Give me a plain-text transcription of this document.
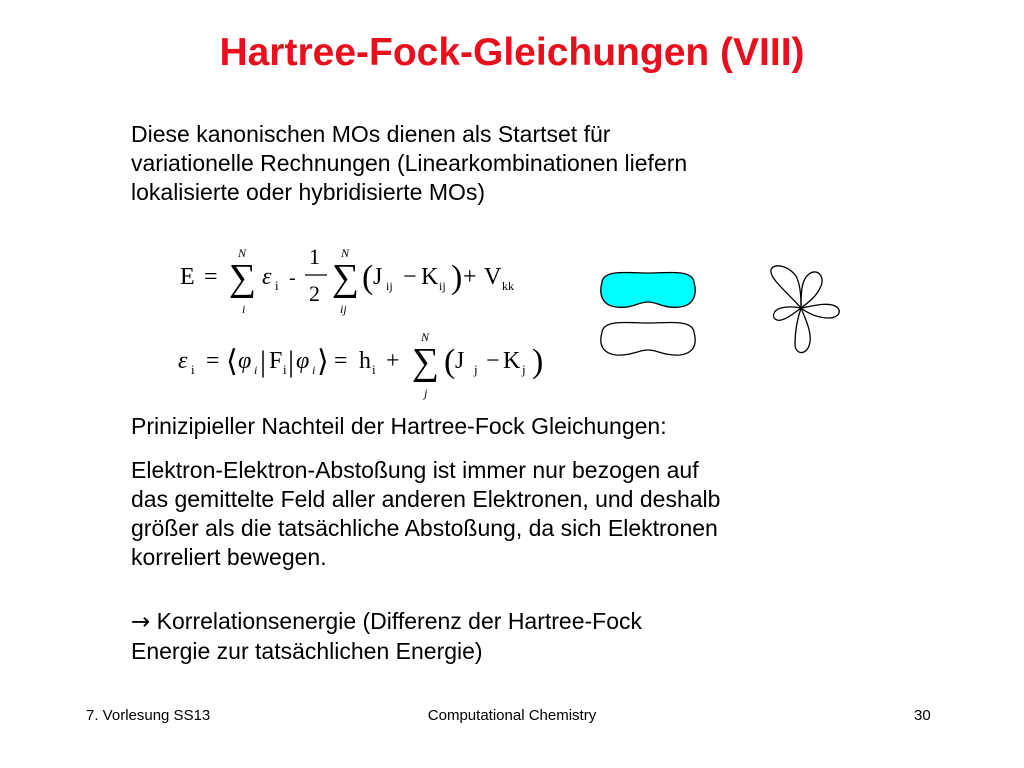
Hartree-Fock-Gleichungen (VIII)
Diese kanonischen MOs dienen als Startset für
variationelle Rechnungen (Linearkombinationen liefern
lokalisierte oder hybridisierte MOs)
E =
N
∑
i
ε i -
1
2
N
∑
ij
( J ij − K ij ) + V kk
ε i = ⟨ φ i | F i | φ i ⟩ = h i +
N
∑
j
( J j − K j )
Prinizipieller Nachteil der Hartree-Fock Gleichungen:
Elektron-Elektron-Abstoßung ist immer nur bezogen auf
das gemittelte Feld aller anderen Elektronen, und deshalb
größer als die tatsächliche Abstoßung, da sich Elektronen
korreliert bewegen.
→ Korrelationsenergie (Differenz der Hartree-Fock
Energie zur tatsächlichen Energie)
7. Vorlesung SS13	Computational Chemistry	30
